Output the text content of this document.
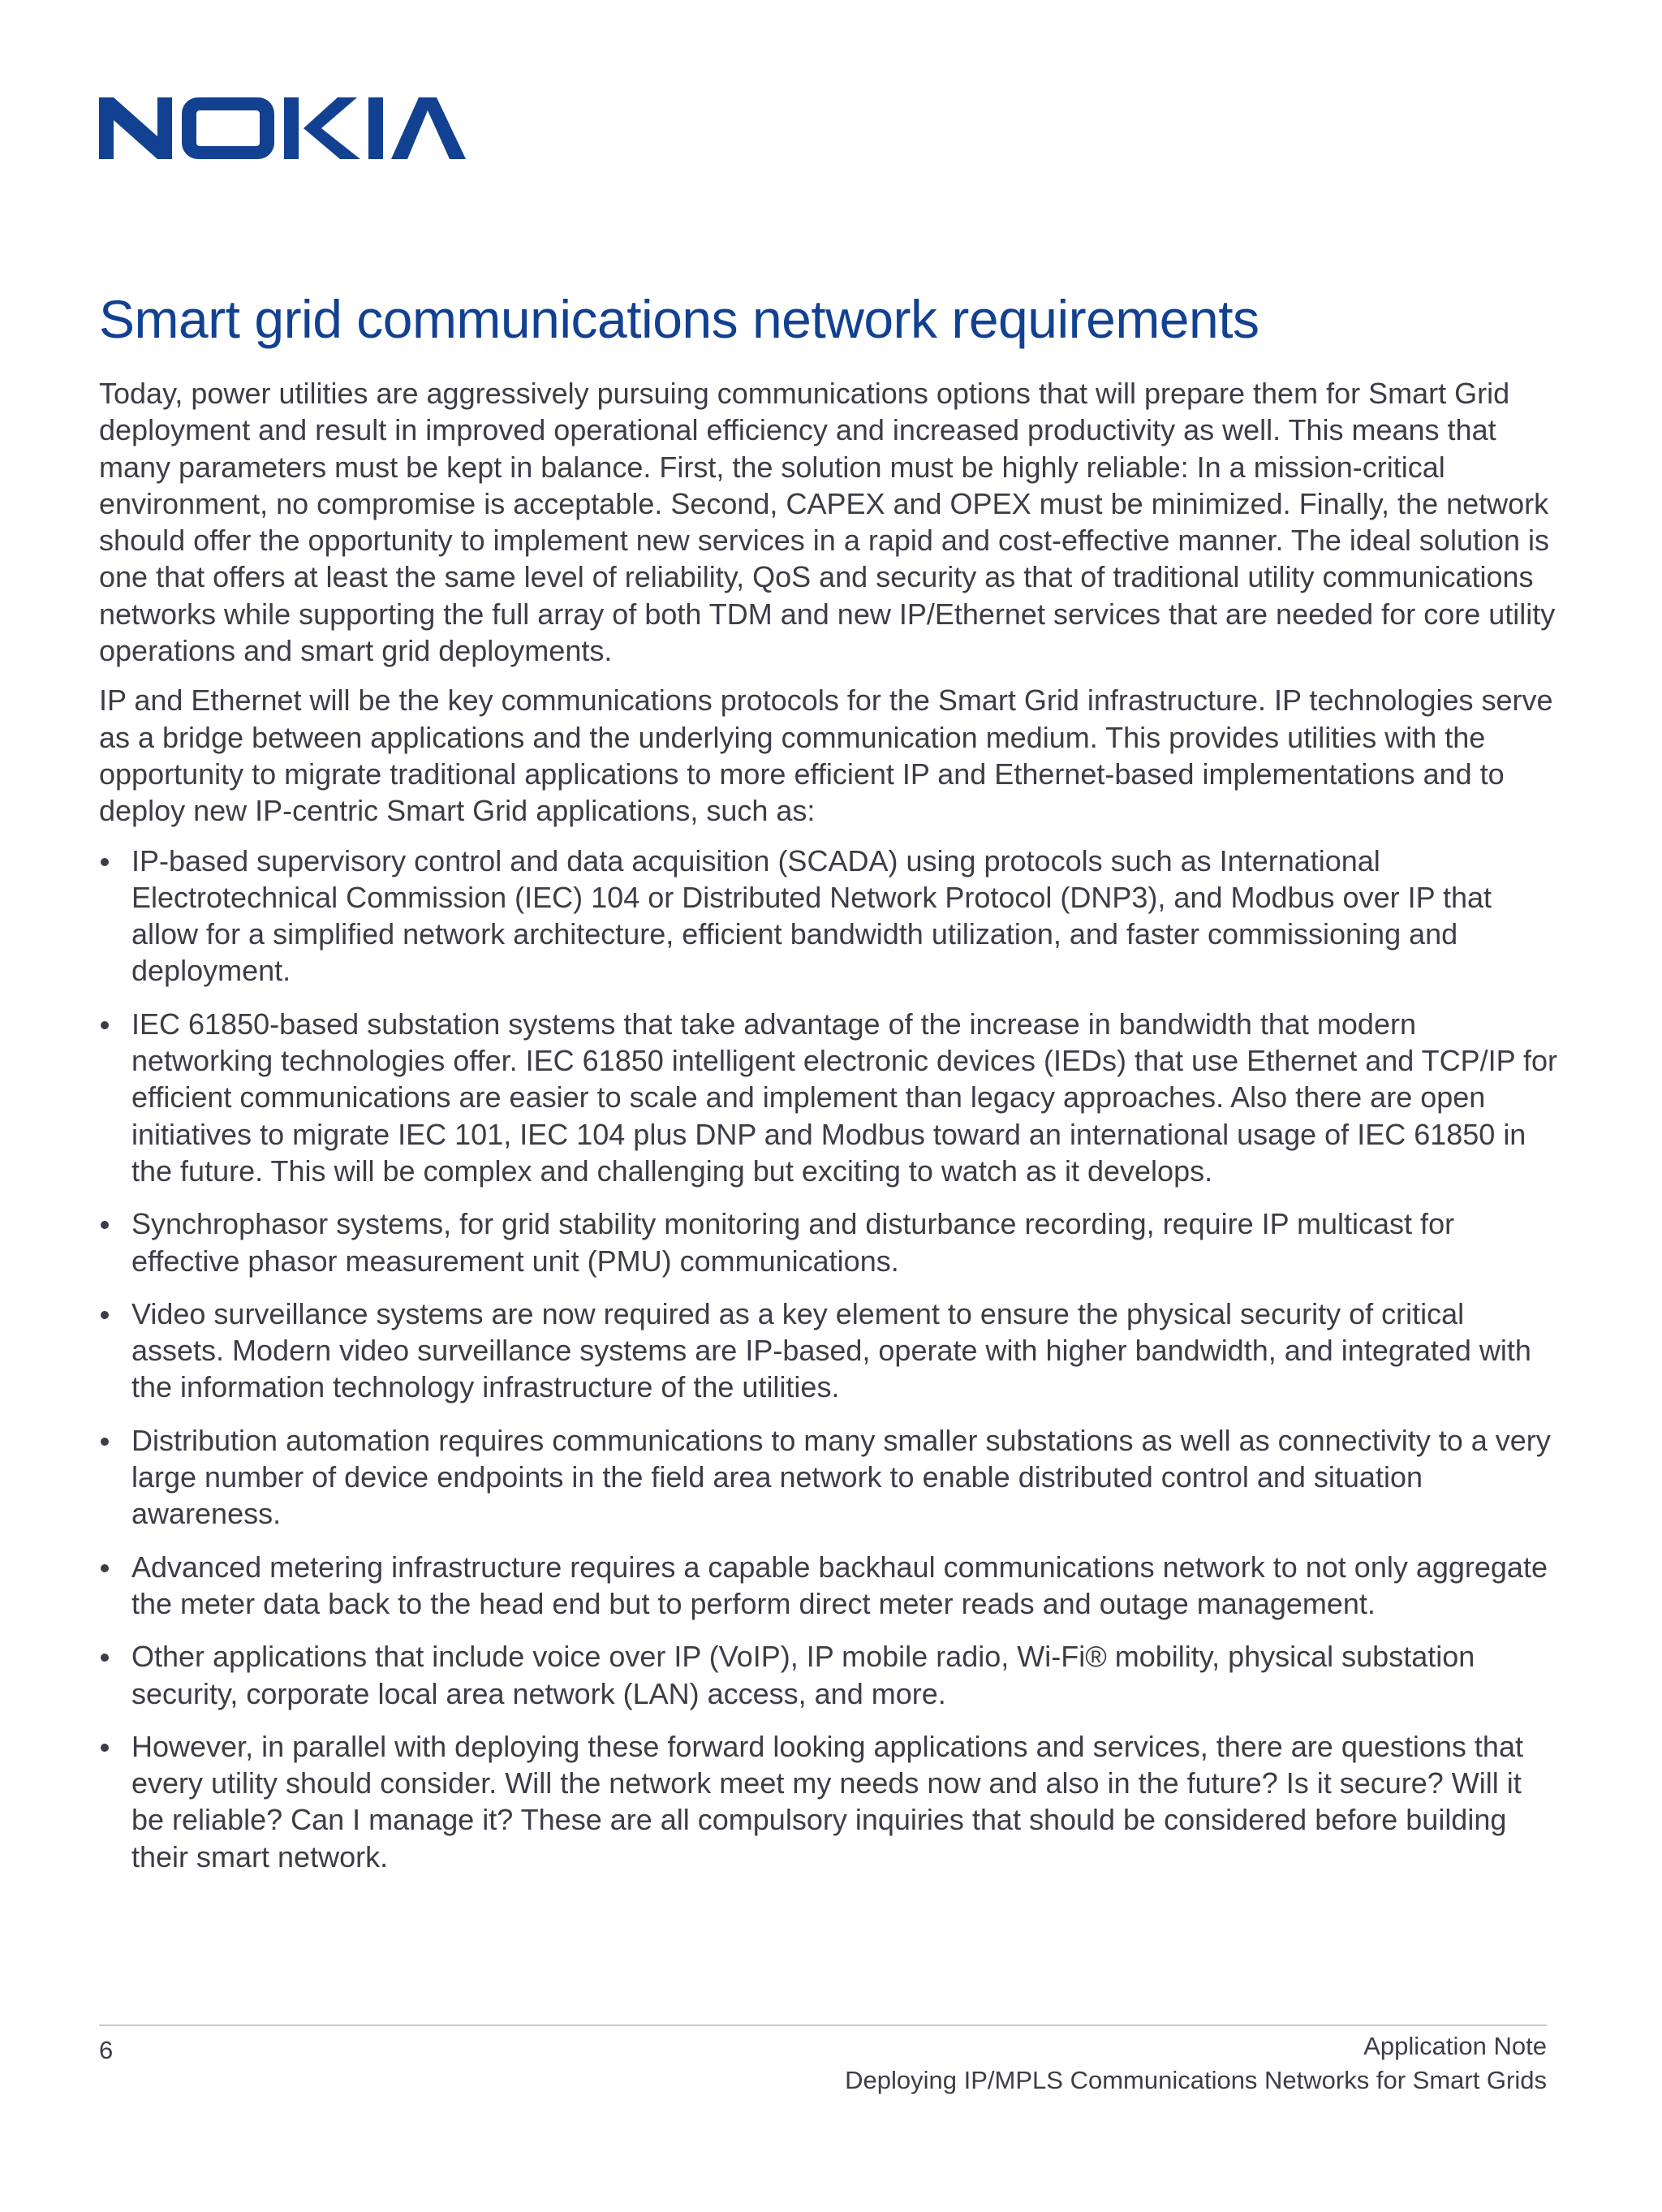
Smart grid communications network requirements

Today, power utilities are aggressively pursuing communications options that will prepare them for Smart Grid deployment and result in improved operational efficiency and increased productivity as well. This means that many parameters must be kept in balance. First, the solution must be highly reliable: In a mission-critical environment, no compromise is acceptable. Second, CAPEX and OPEX must be minimized. Finally, the network should offer the opportunity to implement new services in a rapid and cost-effective manner. The ideal solution is one that offers at least the same level of reliability, QoS and security as that of traditional utility communications networks while supporting the full array of both TDM and new IP/Ethernet services that are needed for core utility operations and smart grid deployments.

IP and Ethernet will be the key communications protocols for the Smart Grid infrastructure. IP technologies serve as a bridge between applications and the underlying communication medium. This provides utilities with the opportunity to migrate traditional applications to more efficient IP and Ethernet-based implementations and to deploy new IP-centric Smart Grid applications, such as:

IP-based supervisory control and data acquisition (SCADA) using protocols such as International Electrotechnical Commission (IEC) 104 or Distributed Network Protocol (DNP3), and Modbus over IP that allow for a simplified network architecture, efficient bandwidth utilization, and faster commissioning and deployment.
IEC 61850-based substation systems that take advantage of the increase in bandwidth that modern networking technologies offer. IEC 61850 intelligent electronic devices (IEDs) that use Ethernet and TCP/IP for efficient communications are easier to scale and implement than legacy approaches. Also there are open initiatives to migrate IEC 101, IEC 104 plus DNP and Modbus toward an international usage of IEC 61850 in the future. This will be complex and challenging but exciting to watch as it develops.
Synchrophasor systems, for grid stability monitoring and disturbance recording, require IP multicast for effective phasor measurement unit (PMU) communications.
Video surveillance systems are now required as a key element to ensure the physical security of critical assets. Modern video surveillance systems are IP-based, operate with higher bandwidth, and integrated with the information technology infrastructure of the utilities.
Distribution automation requires communications to many smaller substations as well as connectivity to a very large number of device endpoints in the field area network to enable distributed control and situation awareness.
Advanced metering infrastructure requires a capable backhaul communications network to not only aggregate the meter data back to the head end but to perform direct meter reads and outage management.
Other applications that include voice over IP (VoIP), IP mobile radio, Wi-Fi® mobility, physical substation security, corporate local area network (LAN) access, and more.
However, in parallel with deploying these forward looking applications and services, there are questions that every utility should consider. Will the network meet my needs now and also in the future? Is it secure? Will it be reliable? Can I manage it? These are all compulsory inquiries that should be considered before building their smart network.
6	Application Note
Deploying IP/MPLS Communications Networks for Smart Grids
